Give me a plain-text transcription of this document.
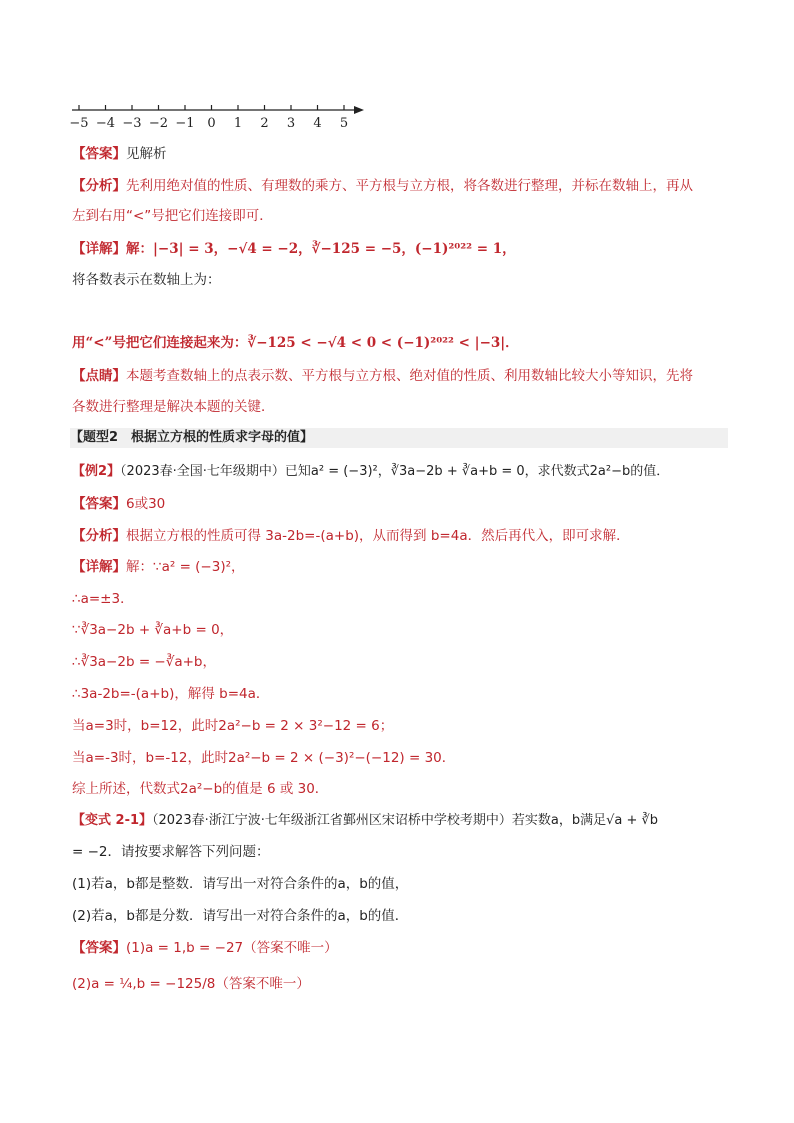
−5 −4 −3 −2 −1 0 1 2 3 4 5
【答案】见解析
【分析】先利用绝对值的性质、有理数的乘方、平方根与立方根，将各数进行整理，并标在数轴上，再从
左到右用“<”号把它们连接即可．
【详解】解：|−3| = 3，−√4 = −2，∛−125 = −5，(−1)²⁰²² = 1，
将各数表示在数轴上为：
用“<”号把它们连接起来为：∛−125 < −√4 < 0 < (−1)²⁰²² < |−3|．
【点睛】本题考查数轴上的点表示数、平方根与立方根、绝对值的性质、利用数轴比较大小等知识，先将
各数进行整理是解决本题的关键．
【题型2　根据立方根的性质求字母的值】
【例2】（2023春·全国·七年级期中）已知a² = (−3)²，∛3a−2b + ∛a+b = 0，求代数式2a²−b的值．
【答案】6或30
【分析】根据立方根的性质可得 3a-2b=-(a+b)，从而得到 b=4a．然后再代入，即可求解．
【详解】解：∵a² = (−3)²，
∴a=±3．
∵∛3a−2b + ∛a+b = 0，
∴∛3a−2b = −∛a+b，
∴3a-2b=-(a+b)，解得 b=4a．
当a=3时，b=12，此时2a²−b = 2 × 3²−12 = 6；
当a=-3时，b=-12，此时2a²−b = 2 × (−3)²−(−12) = 30．
综上所述，代数式2a²−b的值是 6 或 30．
【变式 2-1】（2023春·浙江宁波·七年级浙江省鄞州区宋诏桥中学校考期中）若实数a，b满足√a + ∛b
= −2．请按要求解答下列问题：
(1)若a，b都是整数．请写出一对符合条件的a，b的值，
(2)若a，b都是分数．请写出一对符合条件的a，b的值．
【答案】(1)a = 1,b = −27（答案不唯一）
(2)a = ¼,b = −125/8（答案不唯一）
